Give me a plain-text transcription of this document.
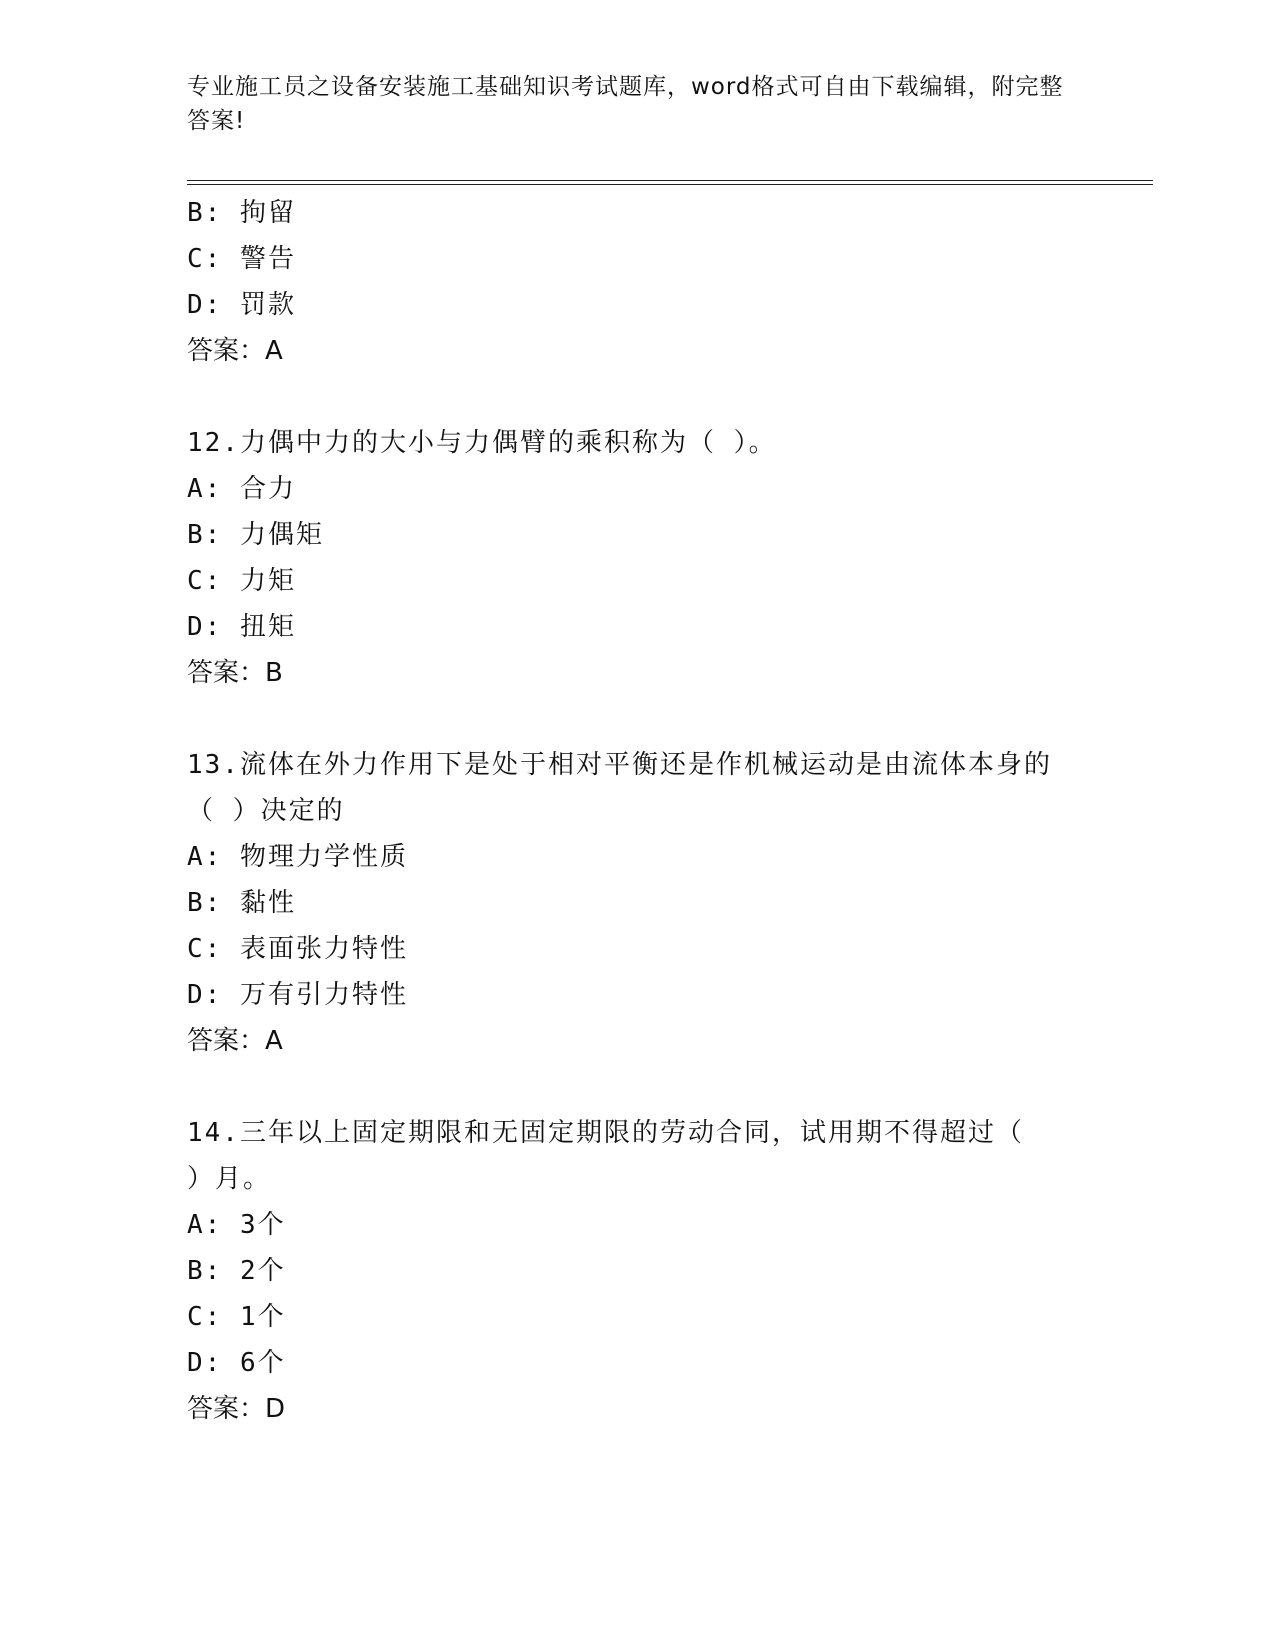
专业施工员之设备安装施工基础知识考试题库，word格式可自由下载编辑，附完整答案!
B: 拘留
C: 警告
D: 罚款
答案：A
12.力偶中力的大小与力偶臂的乘积称为（ ）。
A: 合力
B: 力偶矩
C: 力矩
D: 扭矩
答案：B
13.流体在外力作用下是处于相对平衡还是作机械运动是由流体本身的
（ ）决定的
A: 物理力学性质
B: 黏性
C: 表面张力特性
D: 万有引力特性
答案：A
14.三年以上固定期限和无固定期限的劳动合同，试用期不得超过（
）月。
A: 3个
B: 2个
C: 1个
D: 6个
答案：D
